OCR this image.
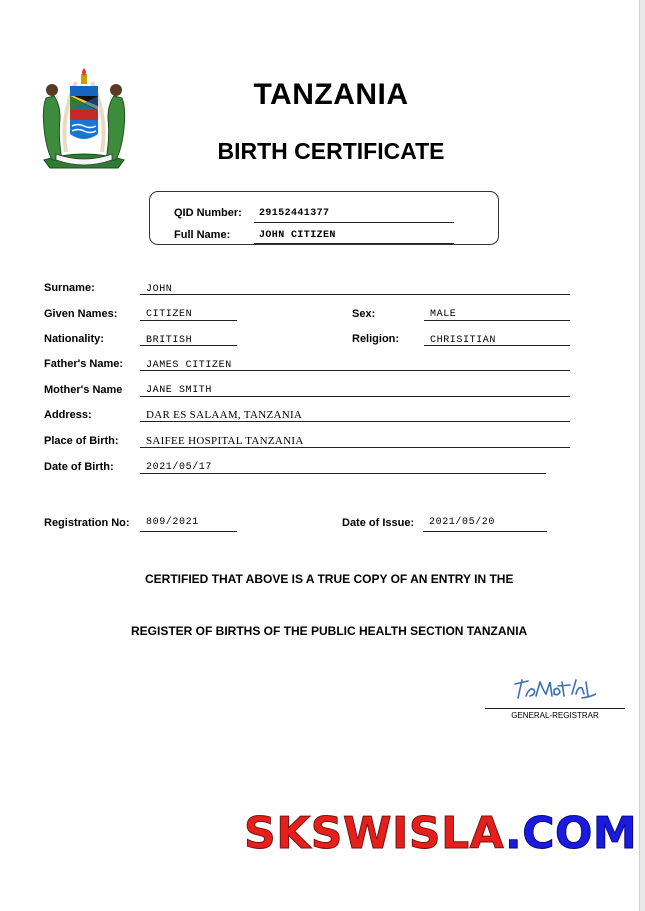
TANZANIA
BIRTH CERTIFICATE
QID Number: 29152441377
Full Name:	JOHN CITIZEN
Surname:	JOHN
Given Names:	CITIZEN	Sex:	MALE
Nationality:	BRITISH	Religion:	CHRISITIAN
Father's Name: JAMES CITIZEN
Mother's Name JANE SMITH
Address:	DAR ES SALAAM, TANZANIA
Place of Birth: SAIFEE HOSPITAL TANZANIA
Date of Birth:	2021/05/17
Registration No: 809/2021	Date of Issue: 2021/05/20
CERTIFIED THAT ABOVE IS A TRUE COPY OF AN ENTRY IN THE
REGISTER OF BIRTHS OF THE PUBLIC HEALTH SECTION TANZANIA
GENERAL-REGISTRAR
SKSWISLA.COM
